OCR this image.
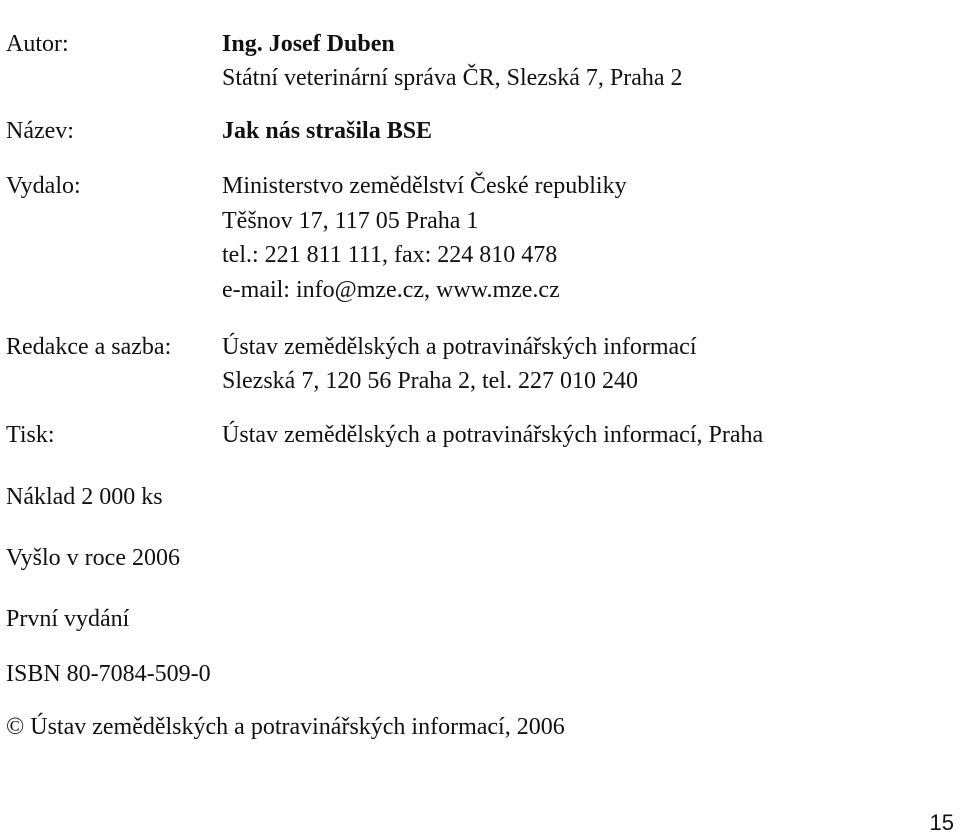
Autor:	Ing. Josef Duben
Státní veterinární správa ČR, Slezská 7, Praha 2
Název:	Jak nás strašila BSE
Vydalo:	Ministerstvo zemědělství České republiky
Těšnov 17, 117 05 Praha 1
tel.: 221 811 111, fax: 224 810 478
e-mail: info@mze.cz, www.mze.cz
Redakce a sazba: Ústav zemědělských a potravinářských informací
Slezská 7, 120 56 Praha 2, tel. 227 010 240
Tisk:	Ústav zemědělských a potravinářských informací, Praha
Náklad 2 000 ks
Vyšlo v roce 2006
První vydání
ISBN 80-7084-509-0
© Ústav zemědělských a potravinářských informací, 2006
15
